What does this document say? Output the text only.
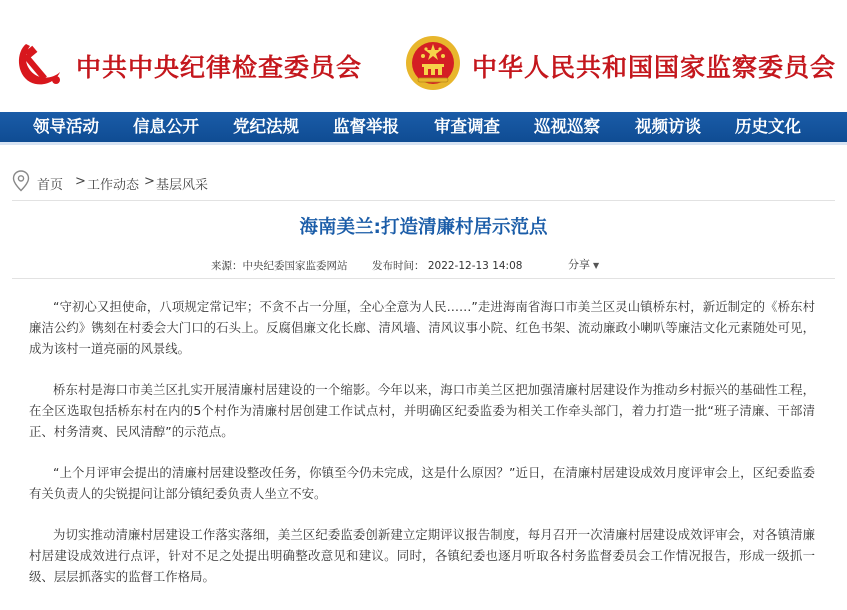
中共中央纪律检查委员会	中华人民共和国国家监察委员会
领导活动 信息公开 党纪法规 监督举报 审查调查 巡视巡察 视频访谈 历史文化
首页 > 工作动态 > 基层风采
海南美兰:打造清廉村居示范点
来源：中央纪委国家监委网站 发布时间： 2022-12-13 14:08	分享 ▼

“守初心又担使命，八项规定常记牢；不贪不占一分厘，全心全意为人民……”走进海南省海口市美兰区灵山镇桥东村，新近制定的《桥东村廉洁公约》镌刻在村委会大门口的石头上。反腐倡廉文化长廊、清风墙、清风议事小院、红色书架、流动廉政小喇叭等廉洁文化元素随处可见，成为该村一道亮丽的风景线。

桥东村是海口市美兰区扎实开展清廉村居建设的一个缩影。今年以来，海口市美兰区把加强清廉村居建设作为推动乡村振兴的基础性工程，在全区选取包括桥东村在内的5个村作为清廉村居创建工作试点村，并明确区纪委监委为相关工作牵头部门，着力打造一批“班子清廉、干部清正、村务清爽、民风清醇”的示范点。

“上个月评审会提出的清廉村居建设整改任务，你镇至今仍未完成，这是什么原因？”近日，在清廉村居建设成效月度评审会上，区纪委监委有关负责人的尖锐提问让部分镇纪委负责人坐立不安。

为切实推动清廉村居建设工作落实落细，美兰区纪委监委创新建立定期评议报告制度，每月召开一次清廉村居建设成效评审会，对各镇清廉村居建设成效进行点评，针对不足之处提出明确整改意见和建议。同时，各镇纪委也逐月听取各村务监督委员会工作情况报告，形成一级抓一级、层层抓落实的监督工作格局。
